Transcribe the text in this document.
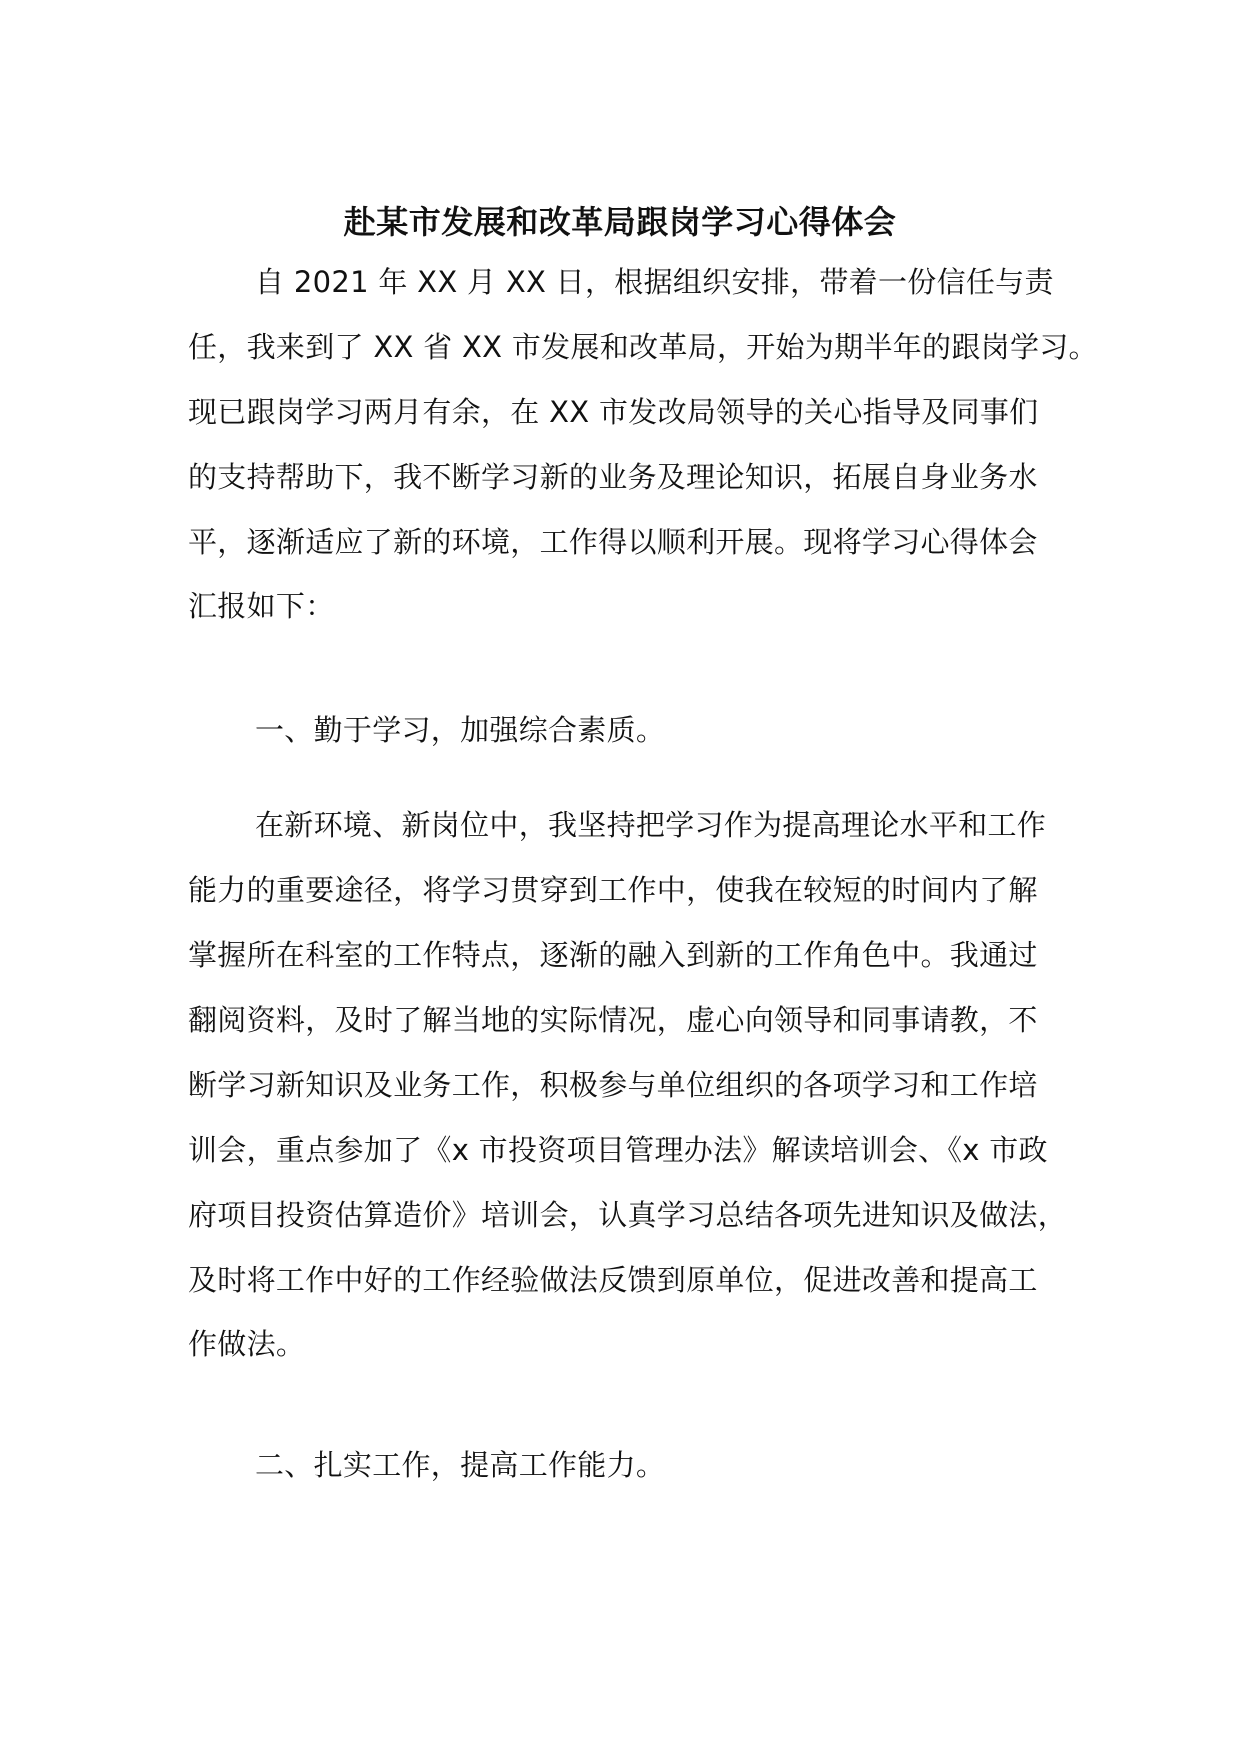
赴某市发展和改革局跟岗学习心得体会
自 2021 年 XX 月 XX 日，根据组织安排，带着一份信任与责
任，我来到了 XX 省 XX 市发展和改革局，开始为期半年的跟岗学习。
现已跟岗学习两月有余，在 XX 市发改局领导的关心指导及同事们
的支持帮助下，我不断学习新的业务及理论知识，拓展自身业务水
平，逐渐适应了新的环境，工作得以顺利开展。现将学习心得体会
汇报如下：
一、勤于学习，加强综合素质。
在新环境、新岗位中，我坚持把学习作为提高理论水平和工作
能力的重要途径，将学习贯穿到工作中，使我在较短的时间内了解
掌握所在科室的工作特点，逐渐的融入到新的工作角色中。我通过
翻阅资料，及时了解当地的实际情况，虚心向领导和同事请教，不
断学习新知识及业务工作，积极参与单位组织的各项学习和工作培
训会，重点参加了《x 市投资项目管理办法》解读培训会、《x 市政
府项目投资估算造价》培训会，认真学习总结各项先进知识及做法，
及时将工作中好的工作经验做法反馈到原单位，促进改善和提高工
作做法。
二、扎实工作，提高工作能力。
